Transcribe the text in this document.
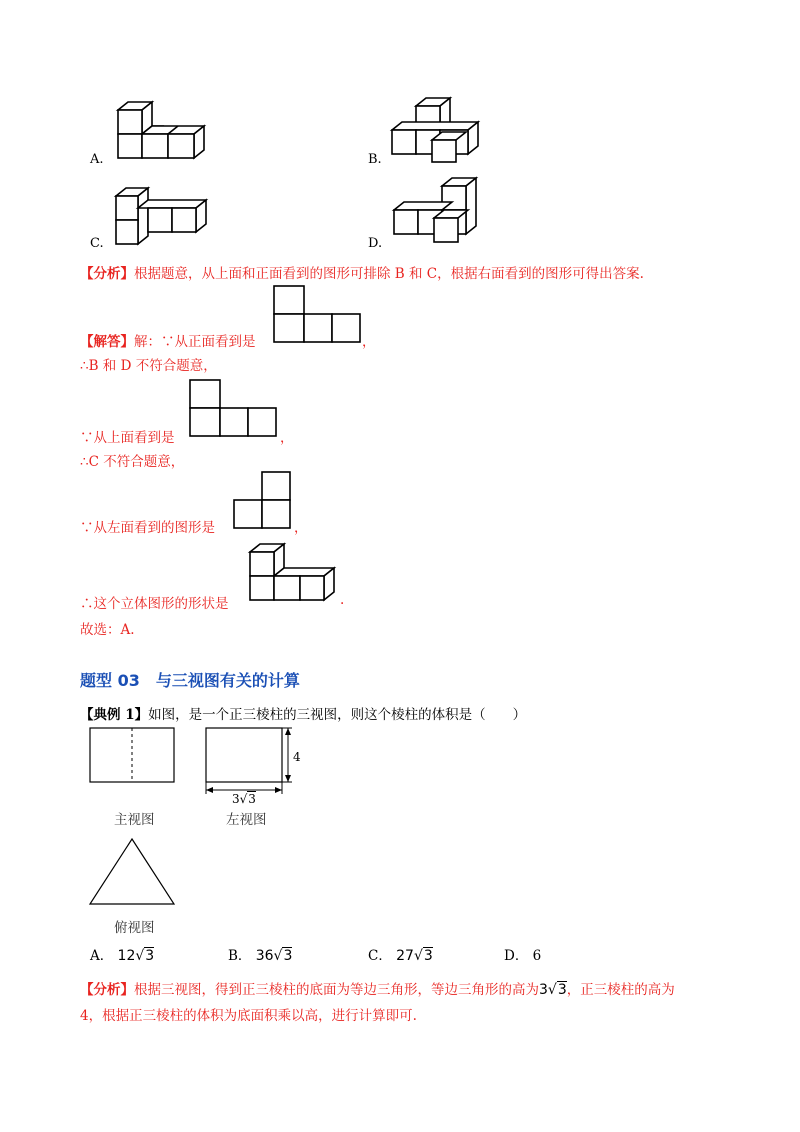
A.	B.
C.	D.
【分析】根据题意，从上面和正面看到的图形可排除 B 和 C，根据右面看到的图形可得出答案.
【解答】解：∵从正面看到是	，
∴B 和 D 不符合题意，
∵从上面看到是	，
∴C 不符合题意，
∵从左面看到的图形是	，
∴这个立体图形的形状是	.
故选：A.
题型 03　与三视图有关的计算
【典例 1】如图，是一个正三棱柱的三视图，则这个棱柱的体积是（　　）
主视图
4
3√3
左视图
俯视图
A． 12√3	B． 36√3	C． 27√3	D． 6
【分析】根据三视图，得到正三棱柱的底面为等边三角形，等边三角形的高为3√3，正三棱柱的高为
4，根据正三棱柱的体积为底面积乘以高，进行计算即可.
